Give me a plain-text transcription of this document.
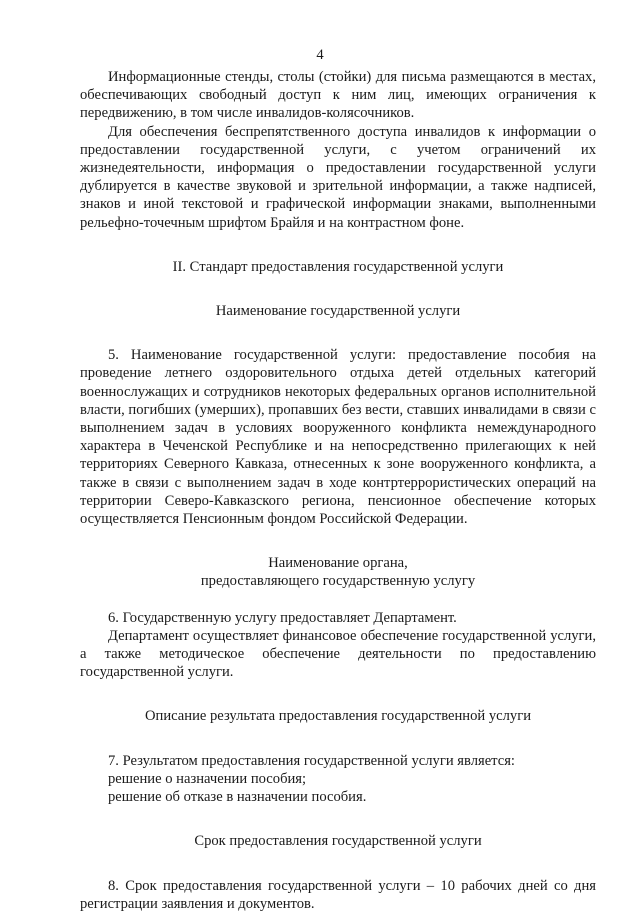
4

Информационные стенды, столы (стойки) для письма размещаются в местах, обеспечивающих свободный доступ к ним лиц, имеющих ограничения к передвижению, в том числе инвалидов-колясочников.

Для обеспечения беспрепятственного доступа инвалидов к информации о предоставлении государственной услуги, с учетом ограничений их жизнедеятельности, информация о предоставлении государственной услуги дублируется в качестве звуковой и зрительной информации, а также надписей, знаков и иной текстовой и графической информации знаками, выполненными рельефно-точечным шрифтом Брайля и на контрастном фоне.

II. Стандарт предоставления государственной услуги

Наименование государственной услуги

5. Наименование государственной услуги: предоставление пособия на проведение летнего оздоровительного отдыха детей отдельных категорий военнослужащих и сотрудников некоторых федеральных органов исполнительной власти, погибших (умерших), пропавших без вести, ставших инвалидами в связи с выполнением задач в условиях вооруженного конфликта немеждународного характера в Чеченской Республике и на непосредственно прилегающих к ней территориях Северного Кавказа, отнесенных к зоне вооруженного конфликта, а также в связи с выполнением задач в ходе контртеррористических операций на территории Северо-Кавказского региона, пенсионное обеспечение которых осуществляется Пенсионным фондом Российской Федерации.

Наименование органа,

предоставляющего государственную услугу

6. Государственную услугу предоставляет Департамент.

Департамент осуществляет финансовое обеспечение государственной услуги, а также методическое обеспечение деятельности по предоставлению государственной услуги.

Описание результата предоставления государственной услуги

7. Результатом предоставления государственной услуги является:

решение о назначении пособия;

решение об отказе в назначении пособия.

Срок предоставления государственной услуги

8. Срок предоставления государственной услуги – 10 рабочих дней со дня регистрации заявления и документов.
